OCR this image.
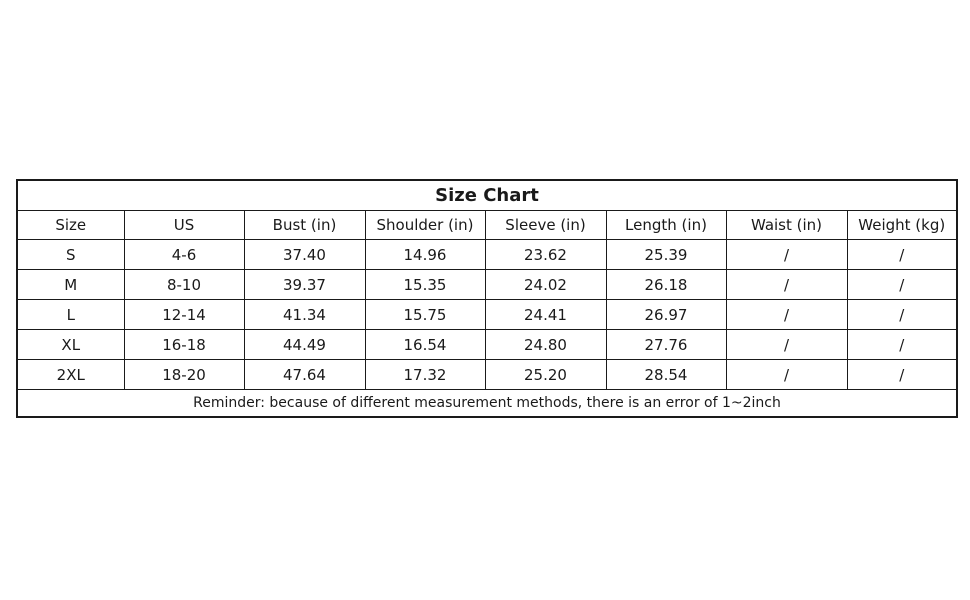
Size Chart							
Size	US	Bust (in)	Shoulder (in)	Sleeve (in)	Length (in)	Waist (in)	Weight (kg)
S	4-6	37.40	14.96	23.62	25.39	/	/
M	8-10	39.37	15.35	24.02	26.18	/	/
L	12-14	41.34	15.75	24.41	26.97	/	/
XL	16-18	44.49	16.54	24.80	27.76	/	/
2XL	18-20	47.64	17.32	25.20	28.54	/	/
Reminder: because of different measurement methods, there is an error of 1~2inch							
